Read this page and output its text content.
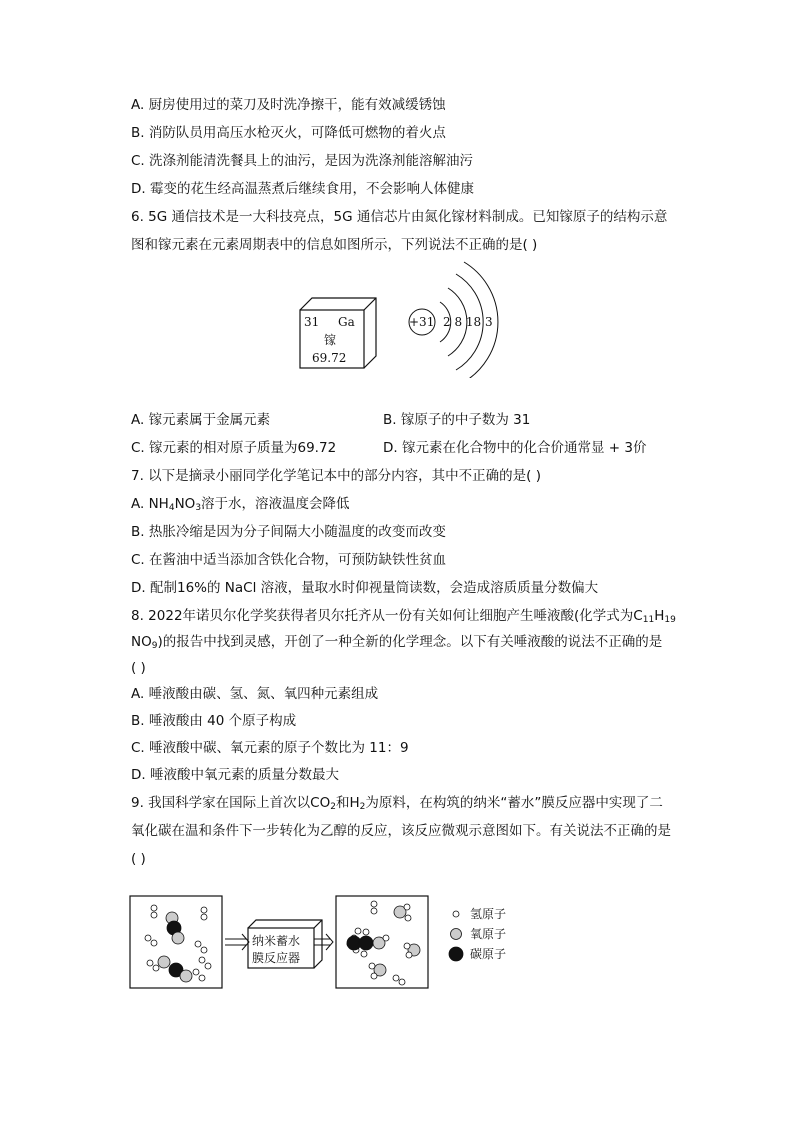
A. 厨房使用过的菜刀及时洗净擦干，能有效减缓锈蚀
B. 消防队员用高压水枪灭火，可降低可燃物的着火点
C. 洗涤剂能清洗餐具上的油污，是因为洗涤剂能溶解油污
D. 霉变的花生经高温蒸煮后继续食用，不会影响人体健康
6. 5G 通信技术是一大科技亮点，5G 通信芯片由氮化镓材料制成。已知镓原子的结构示意
图和镓元素在元素周期表中的信息如图所示，下列说法不正确的是( )
31 Ga
镓
69.72
+31 2 8 18 3
A. 镓元素属于金属元素	B. 镓原子的中子数为 31
C. 镓元素的相对原子质量为69.72	D. 镓元素在化合物中的化合价通常显 + 3价
7. 以下是摘录小丽同学化学笔记本中的部分内容，其中不正确的是( )
A. $NH_4NO_3$溶于水，溶液温度会降低
B. 热胀冷缩是因为分子间隔大小随温度的改变而改变
C. 在酱油中适当添加含铁化合物，可预防缺铁性贫血
D. 配制16%的 NaCl 溶液，量取水时仰视量筒读数，会造成溶质质量分数偏大
8. 2022年诺贝尔化学奖获得者贝尔托齐从一份有关如何让细胞产生唾液酸(化学式为$C_{11}H_{19}$
$NO_9$)的报告中找到灵感，开创了一种全新的化学理念。以下有关唾液酸的说法不正确的是
( )
A. 唾液酸由碳、氢、氮、氧四种元素组成
B. 唾液酸由 40 个原子构成
C. 唾液酸中碳、氧元素的原子个数比为 11：9
D. 唾液酸中氧元素的质量分数最大
9. 我国科学家在国际上首次以$CO_2$和$H_2$为原料，在构筑的纳米“蓄水”膜反应器中实现了二
氧化碳在温和条件下一步转化为乙醇的反应，该反应微观示意图如下。有关说法不正确的是
( )
纳米蓄水
膜反应器
氢原子
氧原子
碳原子
